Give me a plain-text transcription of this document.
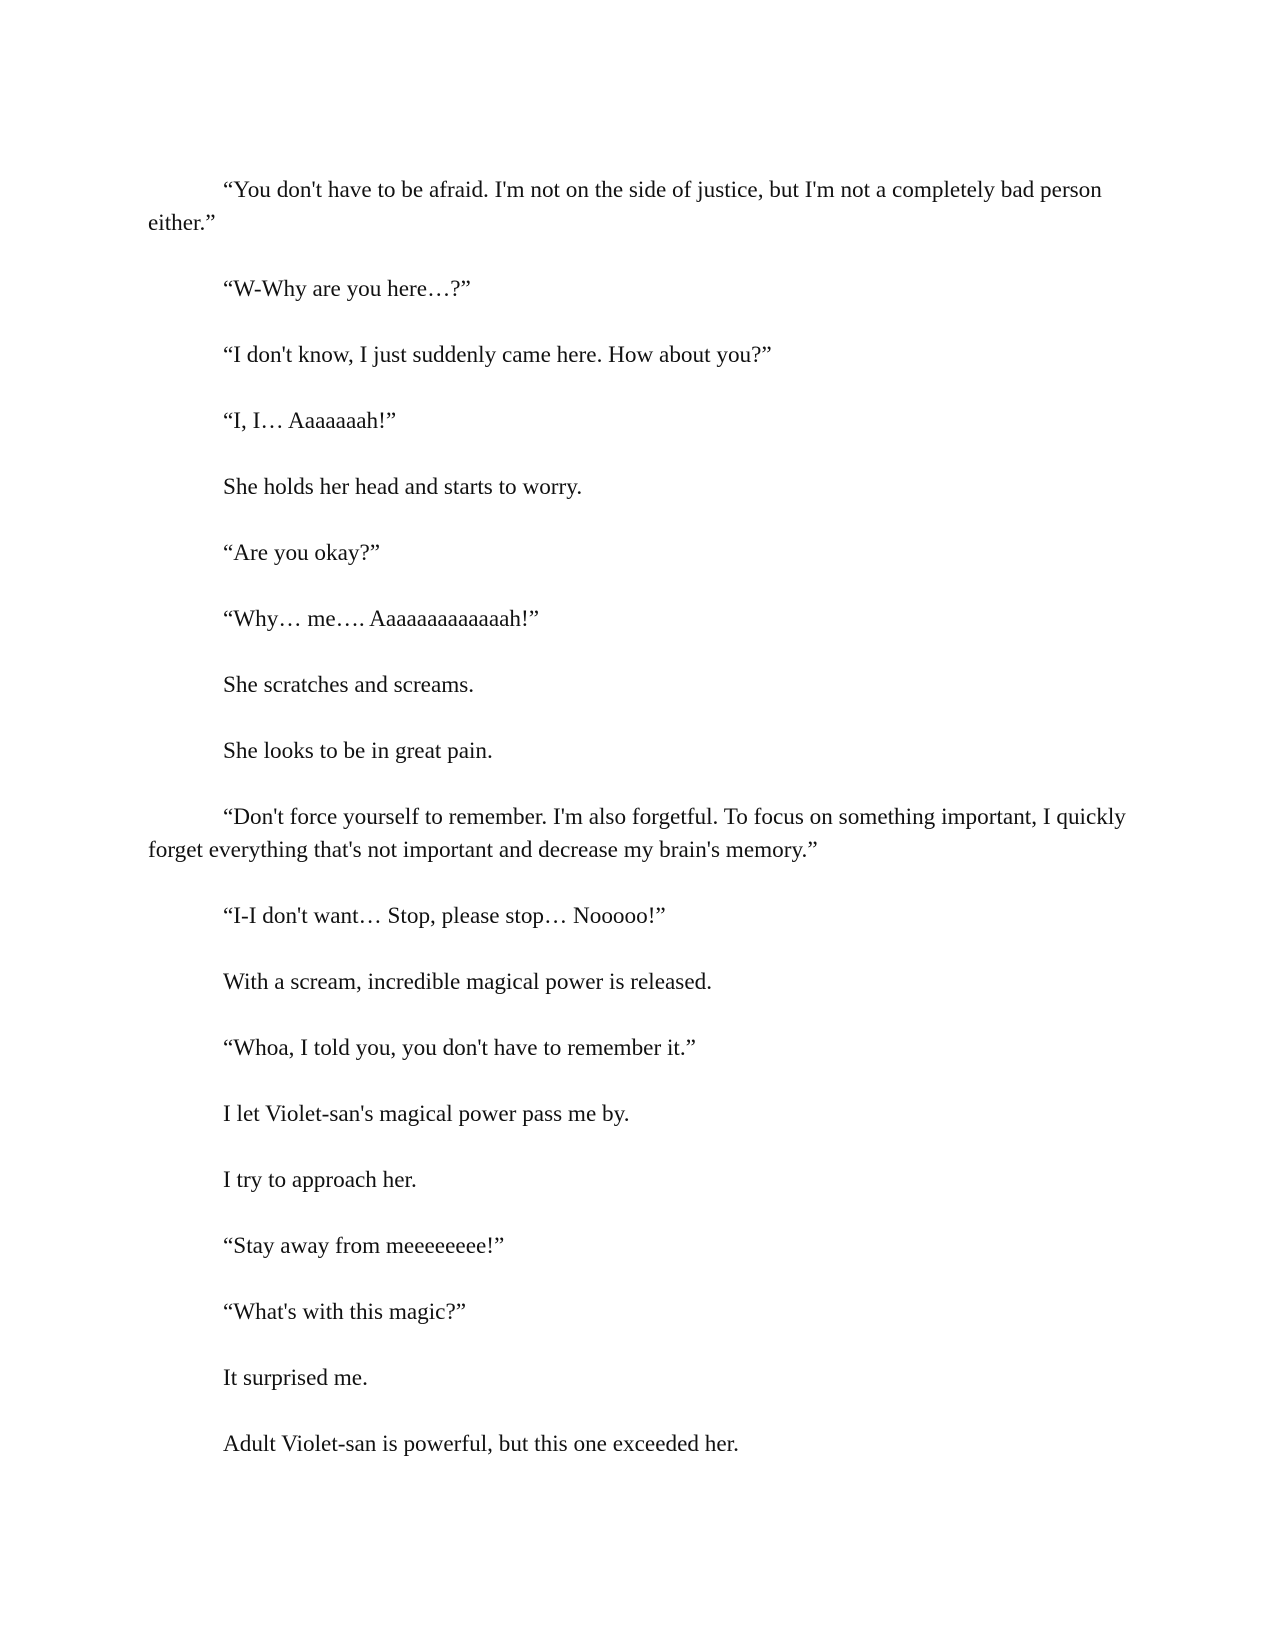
“You don't have to be afraid. I'm not on the side of justice, but I'm not a completely bad person either.”

“W-Why are you here…?”

“I don't know, I just suddenly came here. How about you?”

“I, I… Aaaaaaah!”

She holds her head and starts to worry.

“Are you okay?”

“Why… me…. Aaaaaaaaaaaaah!”

She scratches and screams.

She looks to be in great pain.

“Don't force yourself to remember. I'm also forgetful. To focus on something important, I quickly forget everything that's not important and decrease my brain's memory.”

“I-I don't want… Stop, please stop… Nooooo!”

With a scream, incredible magical power is released.

“Whoa, I told you, you don't have to remember it.”

I let Violet-san's magical power pass me by.

I try to approach her.

“Stay away from meeeeeeee!”

“What's with this magic?”

It surprised me.

Adult Violet-san is powerful, but this one exceeded her.
